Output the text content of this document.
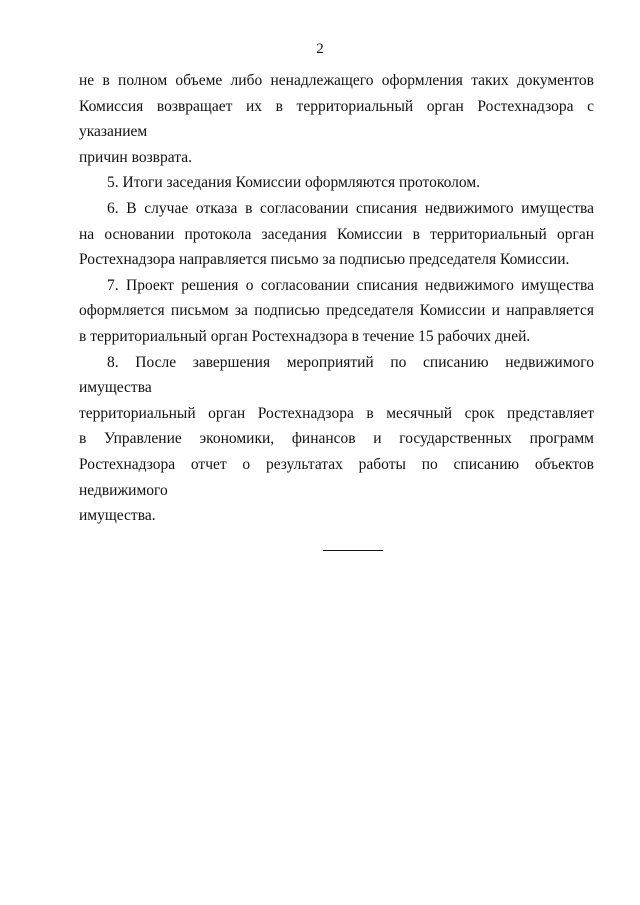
2

не в полном объеме либо ненадлежащего оформления таких документов
Комиссия возвращает их в территориальный орган Ростехнадзора с указанием
причин возврата.

5. Итоги заседания Комиссии оформляются протоколом.

6. В случае отказа в согласовании списания недвижимого имущества
на основании протокола заседания Комиссии в территориальный орган
Ростехнадзора направляется письмо за подписью председателя Комиссии.

7. Проект решения о согласовании списания недвижимого имущества
оформляется письмом за подписью председателя Комиссии и направляется
в территориальный орган Ростехнадзора в течение 15 рабочих дней.

8. После завершения мероприятий по списанию недвижимого имущества
территориальный орган Ростехнадзора в месячный срок представляет
в Управление экономики, финансов и государственных программ
Ростехнадзора отчет о результатах работы по списанию объектов недвижимого
имущества.
